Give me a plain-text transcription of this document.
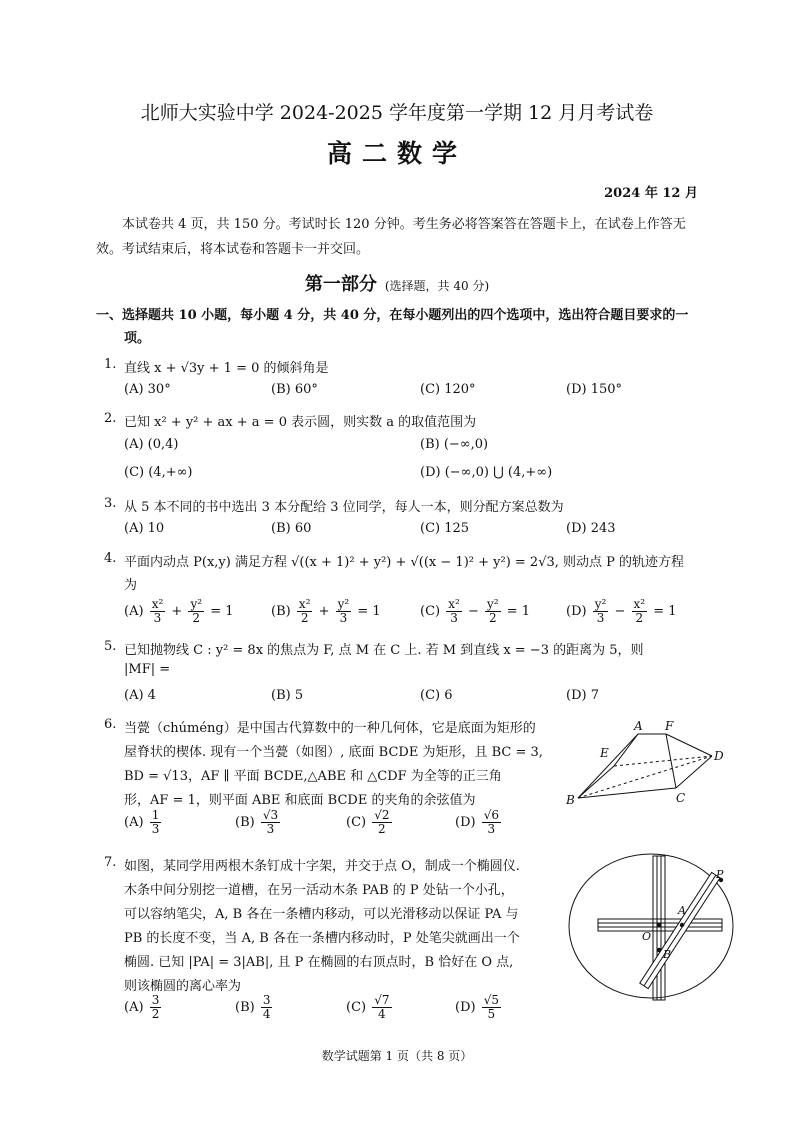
北师大实验中学 2024-2025 学年度第一学期 12 月月考试卷
高二数学
2024 年 12 月
本试卷共 4 页，共 150 分。考试时长 120 分钟。考生务必将答案答在答题卡上，在试卷上作答无效。考试结束后，将本试卷和答题卡一并交回。
第一部分 (选择题，共 40 分)
一、选择题共 10 小题，每小题 4 分，共 40 分，在每小题列出的四个选项中，选出符合题目要求的一项。
1. 直线 x + √3y + 1 = 0 的倾斜角是
(A) 30°	(B) 60°	(C) 120°	(D) 150°
2. 已知 x² + y² + ax + a = 0 表示圆，则实数 a 的取值范围为
(A) (0,4)	(B) (−∞,0)
(C) (4,+∞)	(D) (−∞,0) ⋃ (4,+∞)
3. 从 5 本不同的书中选出 3 本分配给 3 位同学，每人一本，则分配方案总数为
(A) 10	(B) 60	(C) 125	(D) 243
4. 平面内动点 P(x,y) 满足方程 √((x + 1)² + y²) + √((x − 1)² + y²) = 2√3, 则动点 P 的轨迹方程
为
$(A) \frac{\text{x²}}{3} + \frac{\text{y²}}{2} = 1$	$(B) \frac{\text{x²}}{2} + \frac{\text{y²}}{3} = 1$	$(C) \frac{\text{x²}}{3} - \frac{\text{y²}}{2} = 1$	$(D) \frac{\text{y²}}{3} - \frac{\text{x²}}{2} = 1$
5. 已知抛物线 C : y² = 8x 的焦点为 F, 点 M 在 C 上. 若 M 到直线 x = −3 的距离为 5，则
|MF| =
(A) 4	(B) 5	(C) 6	(D) 7
6. 当甍（chúméng）是中国古代算数中的一种几何体，它是底面为矩形的
屋脊状的楔体. 现有一个当甍（如图）, 底面 BCDE 为矩形，且 BC = 3,
BD = √13，AF ∥ 平面 BCDE,△ABE 和 △CDF 为全等的正三角
形，AF = 1，则平面 ABE 和底面 BCDE 的夹角的余弦值为
$(A) \frac{1}{3}$	$(B) \frac{√3}{3}$	$(C) \frac{√2}{2}$	$(D) \frac{√6}{3}$
A F
E	D
B	C
7. 如图，某同学用两根木条钉成十字架，并交于点 O，制成一个椭圆仪.
木条中间分别挖一道槽，在另一活动木条 PAB 的 P 处钻一个小孔，
可以容纳笔尖，A, B 各在一条槽内移动，可以光滑移动以保证 PA 与
PB 的长度不变，当 A, B 各在一条槽内移动时，P 处笔尖就画出一个
椭圆. 已知 |PA| = 3|AB|, 且 P 在椭圆的右顶点时，B 恰好在 O 点,
则该椭圆的离心率为
$(A) \frac{3}{2}$	$(B) \frac{3}{4}$	$(C) \frac{√7}{4}$	$(D) \frac{√5}{5}$
P
A
O
B
数学试题第 1 页（共 8 页）
